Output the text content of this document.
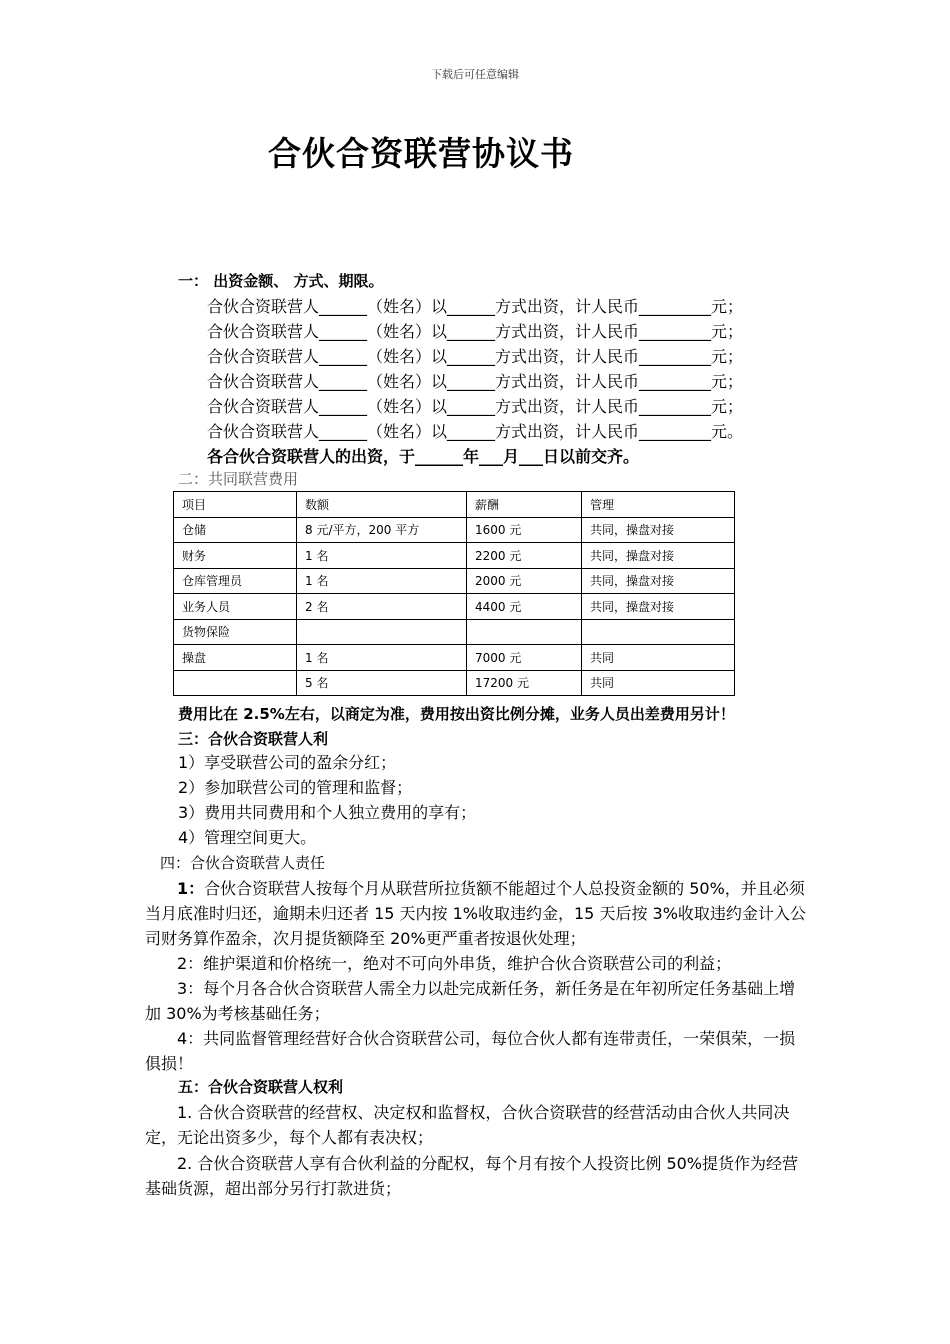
下载后可任意编辑
合伙合资联营协议书
一： 出资金额、 方式、期限。
合伙合资联营人______（姓名）以______方式出资，计人民币_________元；
合伙合资联营人______（姓名）以______方式出资，计人民币_________元；
合伙合资联营人______（姓名）以______方式出资，计人民币_________元；
合伙合资联营人______（姓名）以______方式出资，计人民币_________元；
合伙合资联营人______（姓名）以______方式出资，计人民币_________元；
合伙合资联营人______（姓名）以______方式出资，计人民币_________元。
各合伙合资联营人的出资，于______年___月___日以前交齐。
二：共同联营费用
项目	数额	薪酬	管理
仓储	8 元/平方，200 平方	1600 元	共同，操盘对接
财务	1 名	2200 元	共同，操盘对接
仓库管理员	1 名	2000 元	共同，操盘对接
业务人员	2 名	4400 元	共同，操盘对接
货物保险			
操盘	1 名	7000 元	共同
	5 名	17200 元	共同
费用比在 2.5%左右，以商定为准，费用按出资比例分摊，业务人员出差费用另计！
三：合伙合资联营人利
1）享受联营公司的盈余分红；
2）参加联营公司的管理和监督；
3）费用共同费用和个人独立费用的享有；
4）管理空间更大。
四：合伙合资联营人责任
1：合伙合资联营人按每个月从联营所拉货额不能超过个人总投资金额的 50%，并且必须当月底准时归还，逾期未归还者 15 天内按 1%收取违约金，15 天后按 3%收取违约金计入公司财务算作盈余，次月提货额降至 20%更严重者按退伙处理；
2：维护渠道和价格统一，绝对不可向外串货，维护合伙合资联营公司的利益；
3：每个月各合伙合资联营人需全力以赴完成新任务，新任务是在年初所定任务基础上增加 30%为考核基础任务；
4：共同监督管理经营好合伙合资联营公司，每位合伙人都有连带责任，一荣俱荣，一损俱损！
五：合伙合资联营人权利
1. 合伙合资联营的经营权、决定权和监督权，合伙合资联营的经营活动由合伙人共同决定，无论出资多少，每个人都有表决权；
2. 合伙合资联营人享有合伙利益的分配权，每个月有按个人投资比例 50%提货作为经营基础货源，超出部分另行打款进货；
